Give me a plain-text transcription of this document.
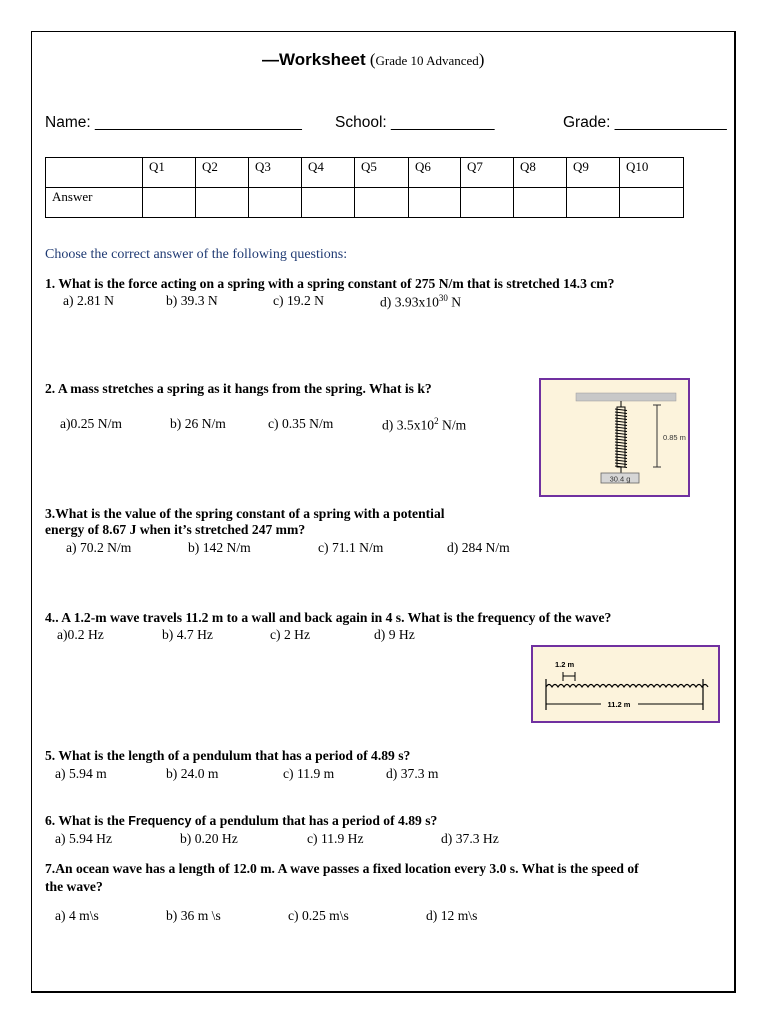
—Worksheet (Grade 10 Advanced)
Name: ________________________ School: ____________	Grade: _____________
	Q1	Q2	Q3	Q4	Q5	Q6	Q7	Q8	Q9	Q10
Answer										
Choose the correct answer of the following questions:
1. What is the force acting on a spring with a spring constant of 275 N/m that is stretched 14.3 cm?
a) 2.81 N	b) 39.3 N	c) 19.2 N	d) $3.93x10^{30}$ N
2. A mass stretches a spring as it hangs from the spring. What is k?
a)0.25 N/m	b) 26 N/m	c) 0.35 N/m	d) $3.5x10^2$ N/m
30.4 g
0.85 m
3.What is the value of the spring constant of a spring with a potential
energy of 8.67 J when it’s stretched 247 mm?
a) 70.2 N/m	b) 142 N/m	c) 71.1 N/m	d) 284 N/m
4.. A 1.2-m wave travels 11.2 m to a wall and back again in 4 s. What is the frequency of the wave?
a)0.2 Hz	b) 4.7 Hz	c) 2 Hz	d) 9 Hz
1.2 m
11.2 m
5. What is the length of a pendulum that has a period of 4.89 s?
a) 5.94 m	b) 24.0 m	c) 11.9 m	d) 37.3 m
6. What is the Frequency of a pendulum that has a period of 4.89 s?
a) 5.94 Hz	b) 0.20 Hz	c) 11.9 Hz	d) 37.3 Hz
7.An ocean wave has a length of 12.0 m. A wave passes a fixed location every 3.0 s. What is the speed of
the wave?
a) 4 m\s	b) 36 m \s	c) 0.25 m\s	d) 12 m\s
